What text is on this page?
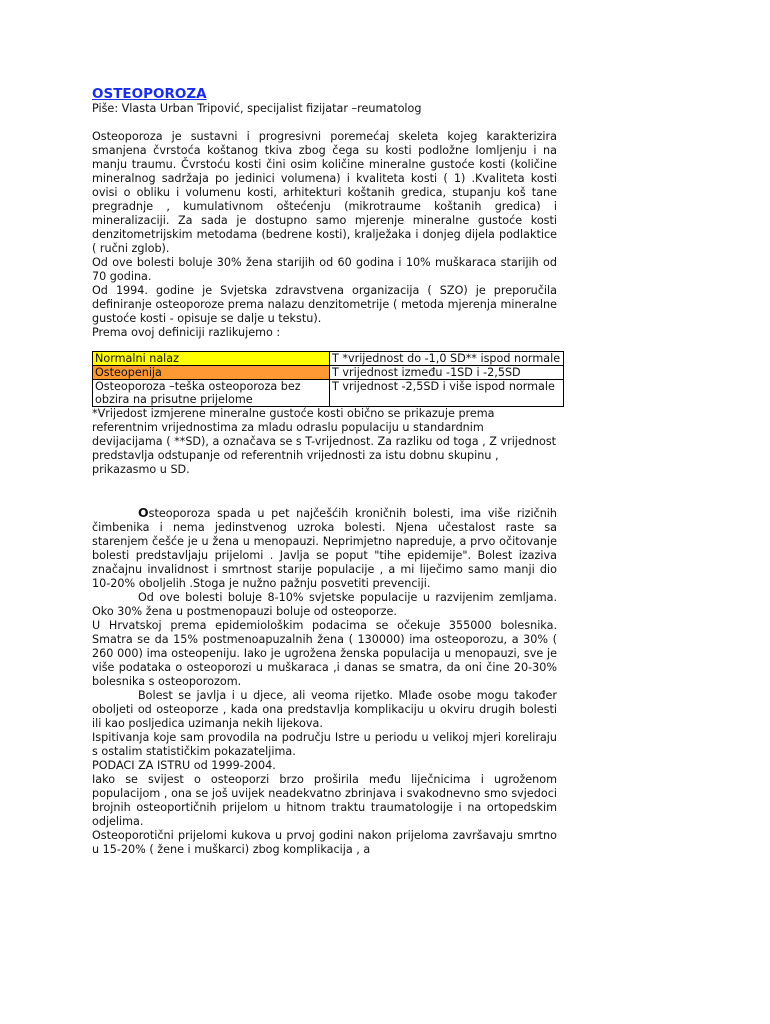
OSTEOPOROZA
Piše: Vlasta Urban Tripović, specijalist fizijatar –reumatolog

Osteoporoza je sustavni i progresivni poremećaj skeleta kojeg karakterizira smanjena čvrstoća koštanog tkiva zbog čega su kosti podložne lomljenju i na manju traumu. Čvrstoću kosti čini osim količine mineralne gustoće kosti (količine mineralnog sadržaja po jedinici volumena) i kvaliteta kosti ( 1) .Kvaliteta kosti ovisi o obliku i volumenu kosti, arhitekturi koštanih gredica, stupanju koš tane pregradnje , kumulativnom oštećenju (mikrotraume koštanih gredica) i mineralizaciji. Za sada je dostupno samo mjerenje mineralne gustoće kosti denzitometrijskim metodama (bedrene kosti), kralježaka i donjeg dijela podlaktice ( ručni zglob).

Od ove bolesti boluje 30% žena starijih od 60 godina i 10% muškaraca starijih od 70 godina.

Od 1994. godine je Svjetska zdravstvena organizacija ( SZO) je preporučila definiranje osteoporoze prema nalazu denzitometrije ( metoda mjerenja mineralne gustoće kosti - opisuje se dalje u tekstu).

Prema ovoj definiciji razlikujemo :

Normalni nalaz	T *vrijednost do -1,0 SD** ispod normale
Osteopenija	T vrijednost između -1SD i -2,5SD
Osteoporoza –teška osteoporoza bez obzira na prisutne prijelome	T vrijednost -2,5SD i više ispod normale

*Vrijedost izmjerene mineralne gustoće kosti obično se prikazuje prema referentnim vrijednostima za mladu odraslu populaciju u standardnim devijacijama ( **SD), a označava se s T-vrijednost. Za razliku od toga , Z vrijednost predstavlja odstupanje od referentnih vrijednosti za istu dobnu skupinu , prikazasmo u SD.

Osteoporoza spada u pet najčešćih kroničnih bolesti, ima više rizičnih čimbenika i nema jedinstvenog uzroka bolesti. Njena učestalost raste sa starenjem češće je u žena u menopauzi. Neprimjetno napreduje, a prvo očitovanje bolesti predstavljaju prijelomi . Javlja se poput "tihe epidemije". Bolest izaziva značajnu invalidnost i smrtnost starije populacije , a mi liječimo samo manji dio 10-20% oboljelih .Stoga je nužno pažnju posvetiti prevenciji.

Od ove bolesti boluje 8-10% svjetske populacije u razvijenim zemljama. Oko 30% žena u postmenopauzi boluje od osteoporze.

U Hrvatskoj prema epidemiološkim podacima se očekuje 355000 bolesnika. Smatra se da 15% postmenoapuzalnih žena ( 130000) ima osteoporozu, a 30% ( 260 000) ima osteopeniju. Iako je ugrožena ženska populacija u menopauzi, sve je više podataka o osteoporozi u muškaraca ,i danas se smatra, da oni čine 20-30% bolesnika s osteoporozom.

Bolest se javlja i u djece, ali veoma rijetko. Mlađe osobe mogu također oboljeti od osteoporze , kada ona predstavlja komplikaciju u okviru drugih bolesti ili kao posljedica uzimanja nekih lijekova.

Ispitivanja koje sam provodila na području Istre u periodu u velikoj mjeri koreliraju s ostalim statističkim pokazateljima.

PODACI ZA ISTRU od 1999-2004.

Iako se svijest o osteoporzi brzo proširila među liječnicima i ugroženom populacijom , ona se još uvijek neadekvatno zbrinjava i svakodnevno smo svjedoci brojnih osteoportičnih prijelom u hitnom traktu traumatologije i na ortopedskim odjelima.

Osteoporotični prijelomi kukova u prvoj godini nakon prijeloma završavaju smrtno u 15-20% ( žene i muškarci) zbog komplikacija , a
